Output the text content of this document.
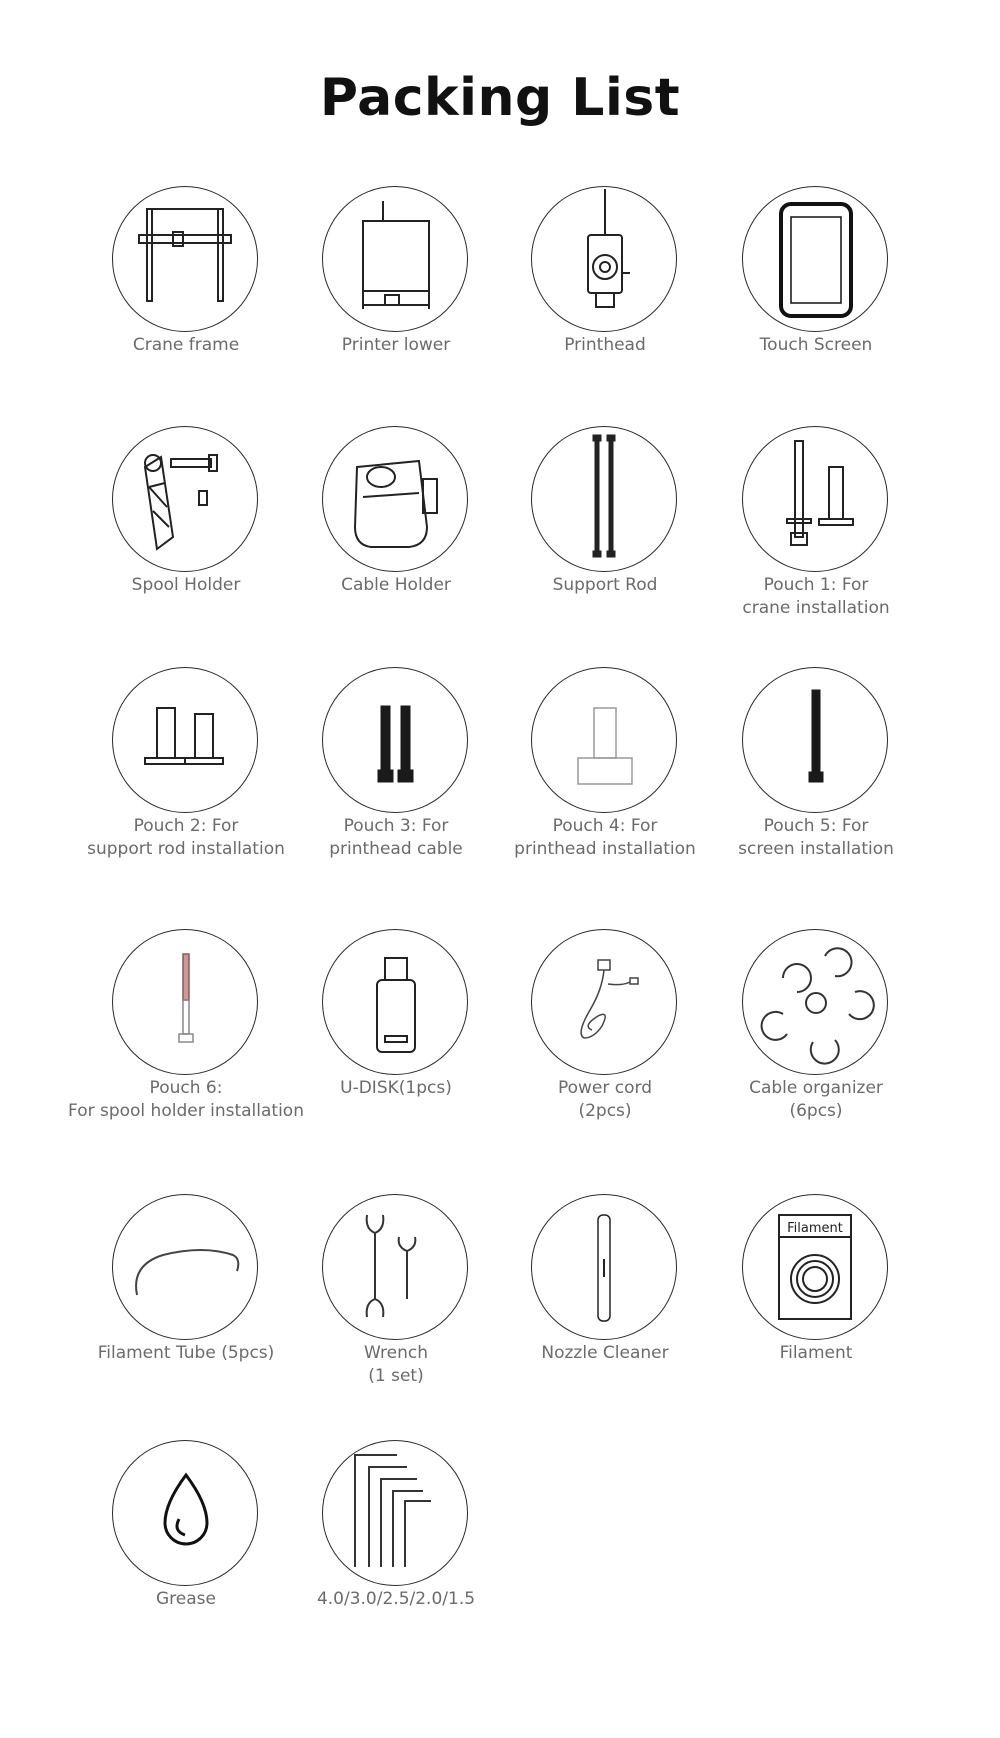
Packing List
Crane frame	Printer lower	Printhead	Touch Screen
Spool Holder	Cable Holder	Support Rod	Pouch 1: For
crane installation
Pouch 2: For
support rod installation
Pouch 3: For
printhead cable
Pouch 4: For
printhead installation
Pouch 5: For
screen installation
Pouch 6:
For spool holder installation
U-DISK(1pcs)	Power cord
(2pcs)
Cable organizer
(6pcs)
Filament Tube (5pcs)	Wrench
(1 set)
Nozzle Cleaner
Filament
Filament
Grease	4.0/3.0/2.5/2.0/1.5
